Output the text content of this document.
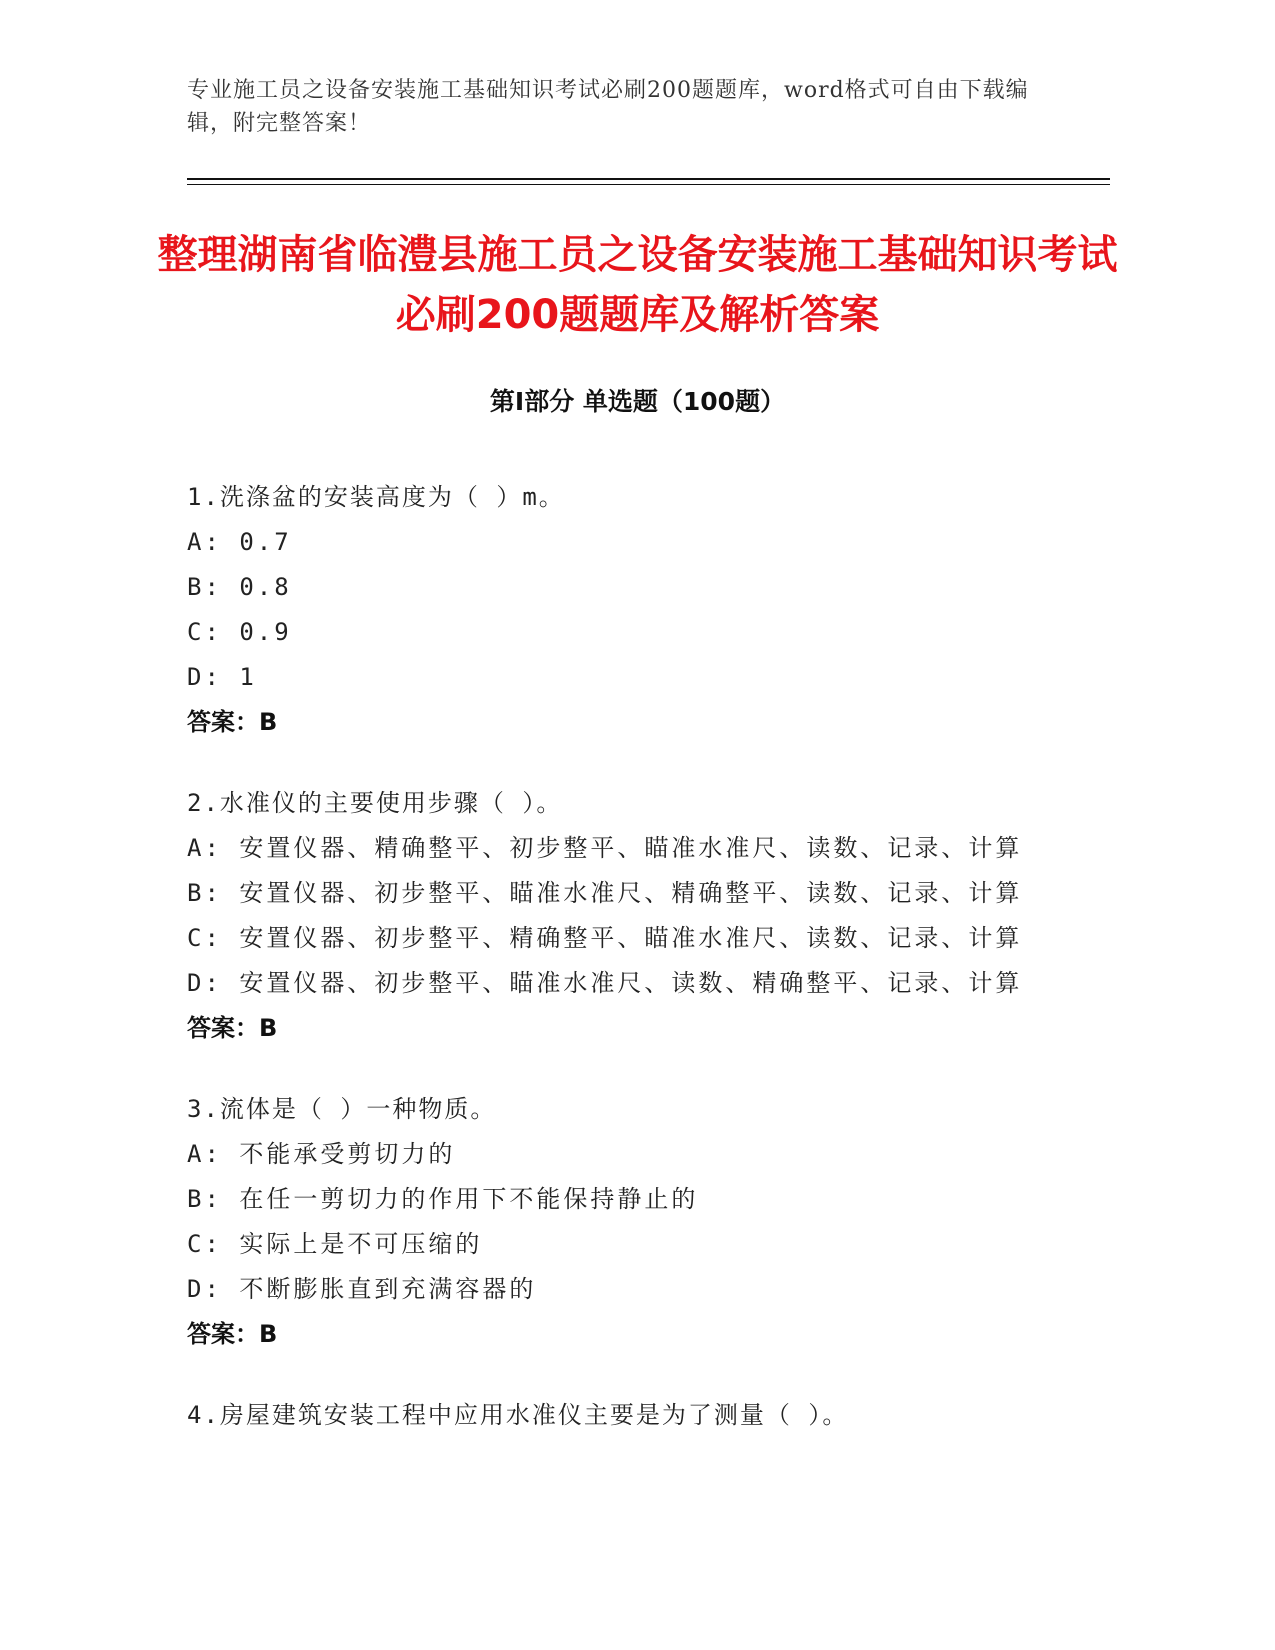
专业施工员之设备安装施工基础知识考试必刷200题题库，word格式可自由下载编辑，附完整答案！
整理湖南省临澧县施工员之设备安装施工基础知识考试必刷200题题库及解析答案
第Ⅰ部分 单选题（100题）
1.洗涤盆的安装高度为（ ）m。
A: 0.7
B: 0.8
C: 0.9
D: 1
答案：B
2.水准仪的主要使用步骤（ ）。
A: 安置仪器、精确整平、初步整平、瞄准水准尺、读数、记录、计算
B: 安置仪器、初步整平、瞄准水准尺、精确整平、读数、记录、计算
C: 安置仪器、初步整平、精确整平、瞄准水准尺、读数、记录、计算
D: 安置仪器、初步整平、瞄准水准尺、读数、精确整平、记录、计算
答案：B
3.流体是（ ）一种物质。
A: 不能承受剪切力的
B: 在任一剪切力的作用下不能保持静止的
C: 实际上是不可压缩的
D: 不断膨胀直到充满容器的
答案：B
4.房屋建筑安装工程中应用水准仪主要是为了测量（ ）。
